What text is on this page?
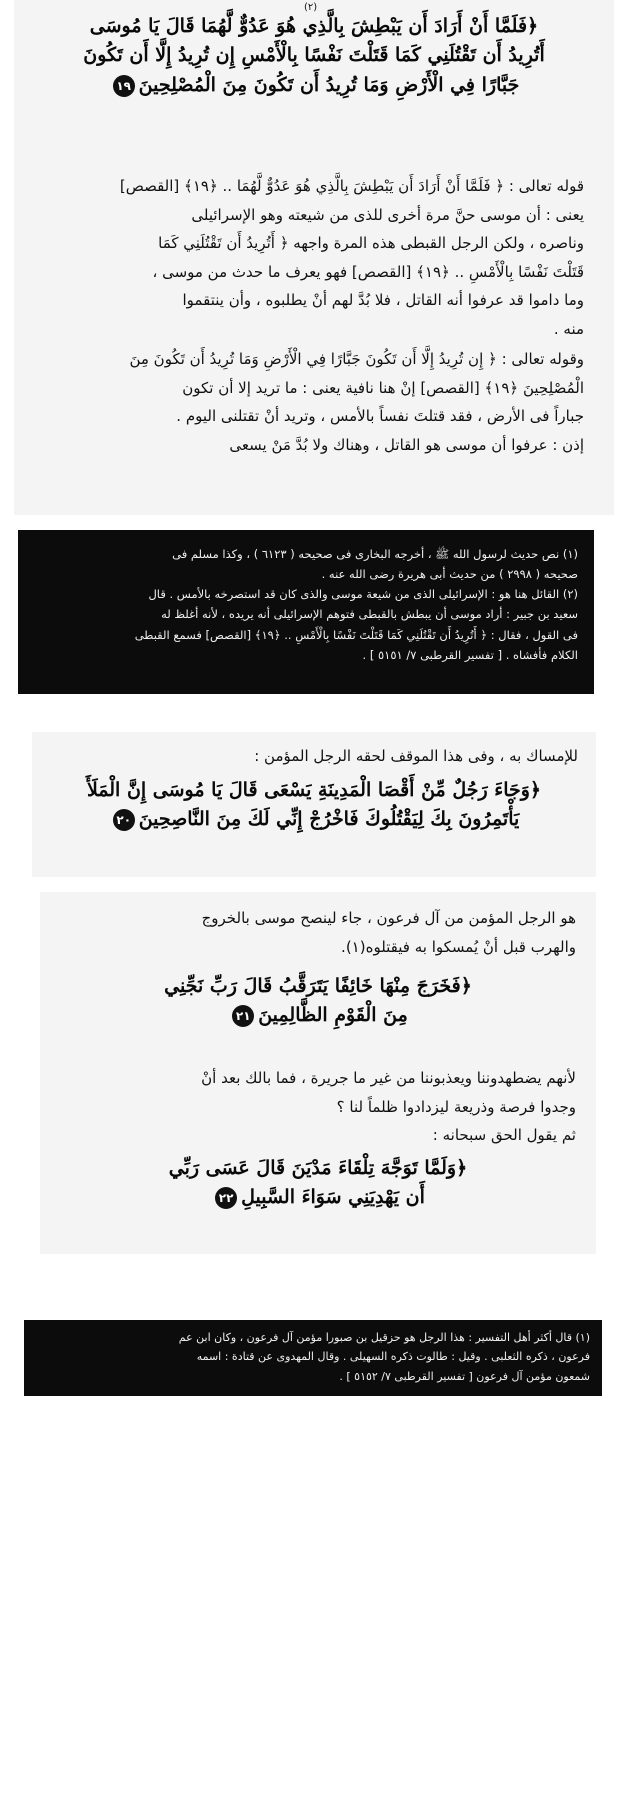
﴿فَلَمَّا أَنْ أَرَادَ أَن يَبْطِشَ بِالَّذِي هُوَ عَدُوٌّ لَّهُمَا قَالَ يَا مُوسَى
أَتُرِيدُ أَن تَقْتُلَنِي كَمَا قَتَلْتَ نَفْسًا بِالْأَمْسِ إِن تُرِيدُ إِلَّا أَن تَكُونَ
جَبَّارًا فِي الْأَرْضِ وَمَا تُرِيدُ أَن تَكُونَ مِنَ الْمُصْلِحِينَ١٩
(٢)
قوله تعالى : ﴿ فَلَمَّا أَنْ أَرَادَ أَن يَبْطِشَ بِالَّذِي هُوَ عَدُوٌّ لَّهُمَا .. ﴿١٩﴾ [القصص]
يعنى : أن موسى حنَّ مرة أخرى للذى من شيعته وهو الإسرائيلى
وناصره ، ولكن الرجل القبطى هذه المرة واجهه ﴿ أَتُرِيدُ أَن تَقْتُلَنِي كَمَا
قَتَلْتَ نَفْسًا بِالْأَمْسِ .. ﴿١٩﴾ [القصص] فهو يعرف ما حدث من موسى ،
وما داموا قد عرفوا أنه القاتل ، فلا بُدَّ لهم أنْ يطلبوه ، وأن ينتقموا
منه .
وقوله تعالى : ﴿ إِن تُرِيدُ إِلَّا أَن تَكُونَ جَبَّارًا فِي الْأَرْضِ وَمَا تُرِيدُ أَن تَكُونَ مِنَ
الْمُصْلِحِينَ ﴿١٩﴾ [القصص] إنْ هنا نافية يعنى : ما تريد إلا أن تكون
جباراً فى الأرض ، فقد قتلتَ نفساً بالأمس ، وتريد أنْ تقتلنى اليوم .
إذن : عرفوا أن موسى هو القاتل ، وهناك ولا بُدَّ مَنْ يسعى
(١) نص حديث لرسول الله ﷺ ، أخرجه البخارى فى صحيحه ( ٦١٢٣ ) ، وكذا مسلم فى
صحيحه ( ٢٩٩٨ ) من حديث أبى هريرة رضى الله عنه .
(٢) القائل هنا هو : الإسرائيلى الذى من شيعة موسى والذى كان قد استصرخه بالأمس . قال
سعيد بن جبير : أراد موسى أن يبطش بالقبطى فتوهم الإسرائيلى أنه يريده ، لأنه أغلظ له
فى القول ، فقال : ﴿ أَتُرِيدُ أَن تَقْتُلَنِي كَمَا قَتَلْتَ نَفْسًا بِالْأَمْسِ .. ﴿١٩﴾ [القصص] فسمع القبطى
الكلام فأفشاه . [ تفسير القرطبى ٧/ ٥١٥١ ] .
للإمساك به ، وفى هذا الموقف لحقه الرجل المؤمن :
﴿وَجَاءَ رَجُلٌ مِّنْ أَقْصَا الْمَدِينَةِ يَسْعَى قَالَ يَا مُوسَى إِنَّ الْمَلَأَ
يَأْتَمِرُونَ بِكَ لِيَقْتُلُوكَ فَاخْرُجْ إِنِّي لَكَ مِنَ النَّاصِحِينَ٢٠
هو الرجل المؤمن من آل فرعون ، جاء لينصح موسى بالخروج
والهرب قبل أنْ يُمسكوا به فيقتلوه(١).
﴿فَخَرَجَ مِنْهَا خَائِفًا يَتَرَقَّبُ قَالَ رَبِّ نَجِّنِي
مِنَ الْقَوْمِ الظَّالِمِينَ٢١
لأنهم يضطهدوننا ويعذبوننا من غير ما جريرة ، فما بالك بعد أنْ
وجدوا فرصة وذريعة ليزدادوا ظلماً لنا ؟
ثم يقول الحق سبحانه :
﴿وَلَمَّا تَوَجَّهَ تِلْقَاءَ مَدْيَنَ قَالَ عَسَى رَبِّي
أَن يَهْدِيَنِي سَوَاءَ السَّبِيلِ٢٢
(١) قال أكثر أهل التفسير : هذا الرجل هو حزقيل بن صبورا مؤمن آل فرعون ، وكان ابن عم
فرعون ، ذكره الثعلبى . وقيل : طالوت ذكره السهيلى . وقال المهدوى عن قتادة : اسمه
شمعون مؤمن آل فرعون [ تفسير القرطبى ٧/ ٥١٥٢ ] .
